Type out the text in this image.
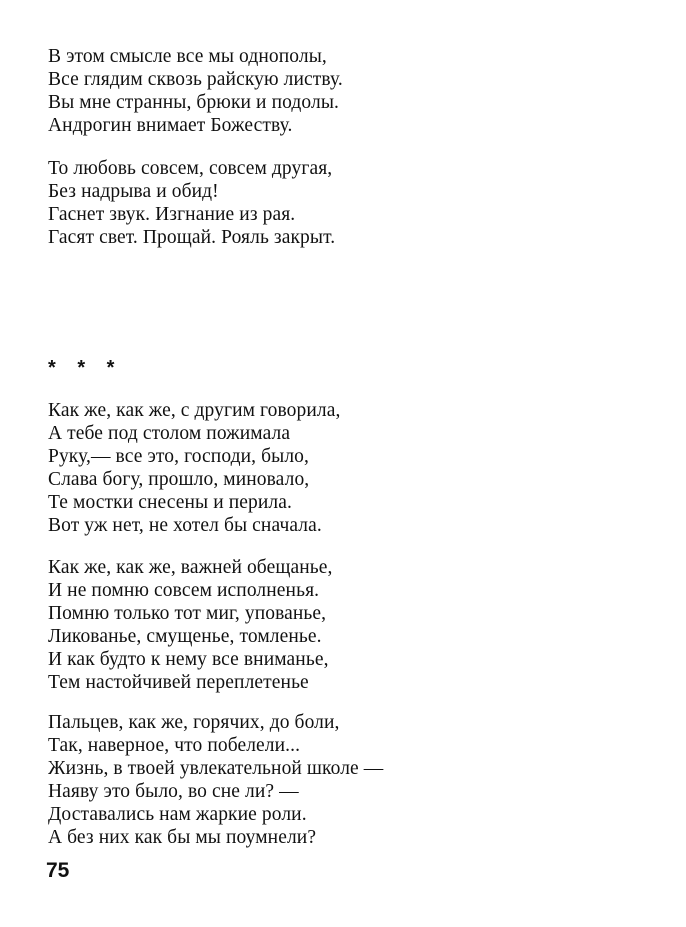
В этом смысле все мы однополы,
Все глядим сквозь райскую листву.
Вы мне странны, брюки и подолы.
Андрогин внимает Божеству.
То любовь совсем, совсем другая,
Без надрыва и обид!
Гаснет звук. Изгнание из рая.
Гасят свет. Прощай. Рояль закрыт.
* * *
Как же, как же, с другим говорила,
А тебе под столом пожимала
Руку,— все это, господи, было,
Слава богу, прошло, миновало,
Те мостки снесены и перила.
Вот уж нет, не хотел бы сначала.
Как же, как же, важней обещанье,
И не помню совсем исполненья.
Помню только тот миг, упованье,
Ликованье, смущенье, томленье.
И как будто к нему все вниманье,
Тем настойчивей переплетенье
Пальцев, как же, горячих, до боли,
Так, наверное, что побелели...
Жизнь, в твоей увлекательной школе —
Наяву это было, во сне ли? —
Доставались нам жаркие роли.
А без них как бы мы поумнели?
75
